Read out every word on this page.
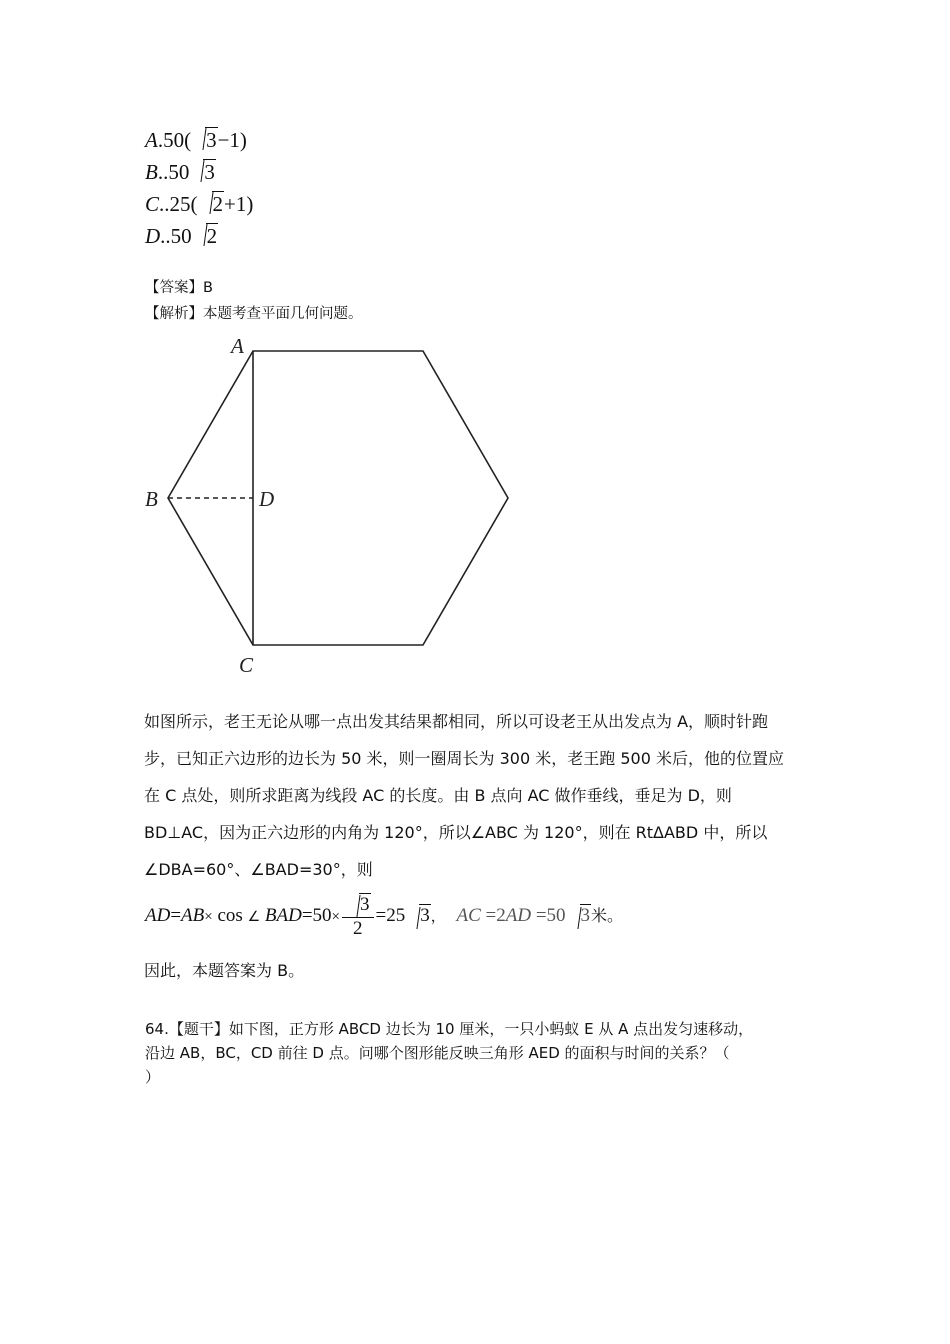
A.50( 3−1)
B..50 3
C..25( 2+1)
D..50 2
【答案】B
【解析】本题考查平面几何问题。
A
B	D
C

如图所示，老王无论从哪一点出发其结果都相同，所以可设老王从出发点为 A，顺时针跑

步，已知正六边形的边长为 50 米，则一圈周长为 300 米，老王跑 500 米后，他的位置应

在 C 点处，则所求距离为线段 AC 的长度。由 B 点向 AC 做作垂线，垂足为 D，则

BD⊥AC，因为正六边形的内角为 120°，所以∠ABC 为 120°，则在 RtΔABD 中，所以

∠DBA=60°、∠BAD=30°，则

AD=AB× cos ∠ $BAD=50\times \frac{3}{2} =25$ 3， AC =2AD =50 3米。
因此，本题答案为 B。
64.【题干】如下图，正方形 ABCD 边长为 10 厘米，一只小蚂蚁 E 从 A 点出发匀速移动，
沿边 AB，BC，CD 前往 D 点。问哪个图形能反映三角形 AED 的面积与时间的关系？（
）
